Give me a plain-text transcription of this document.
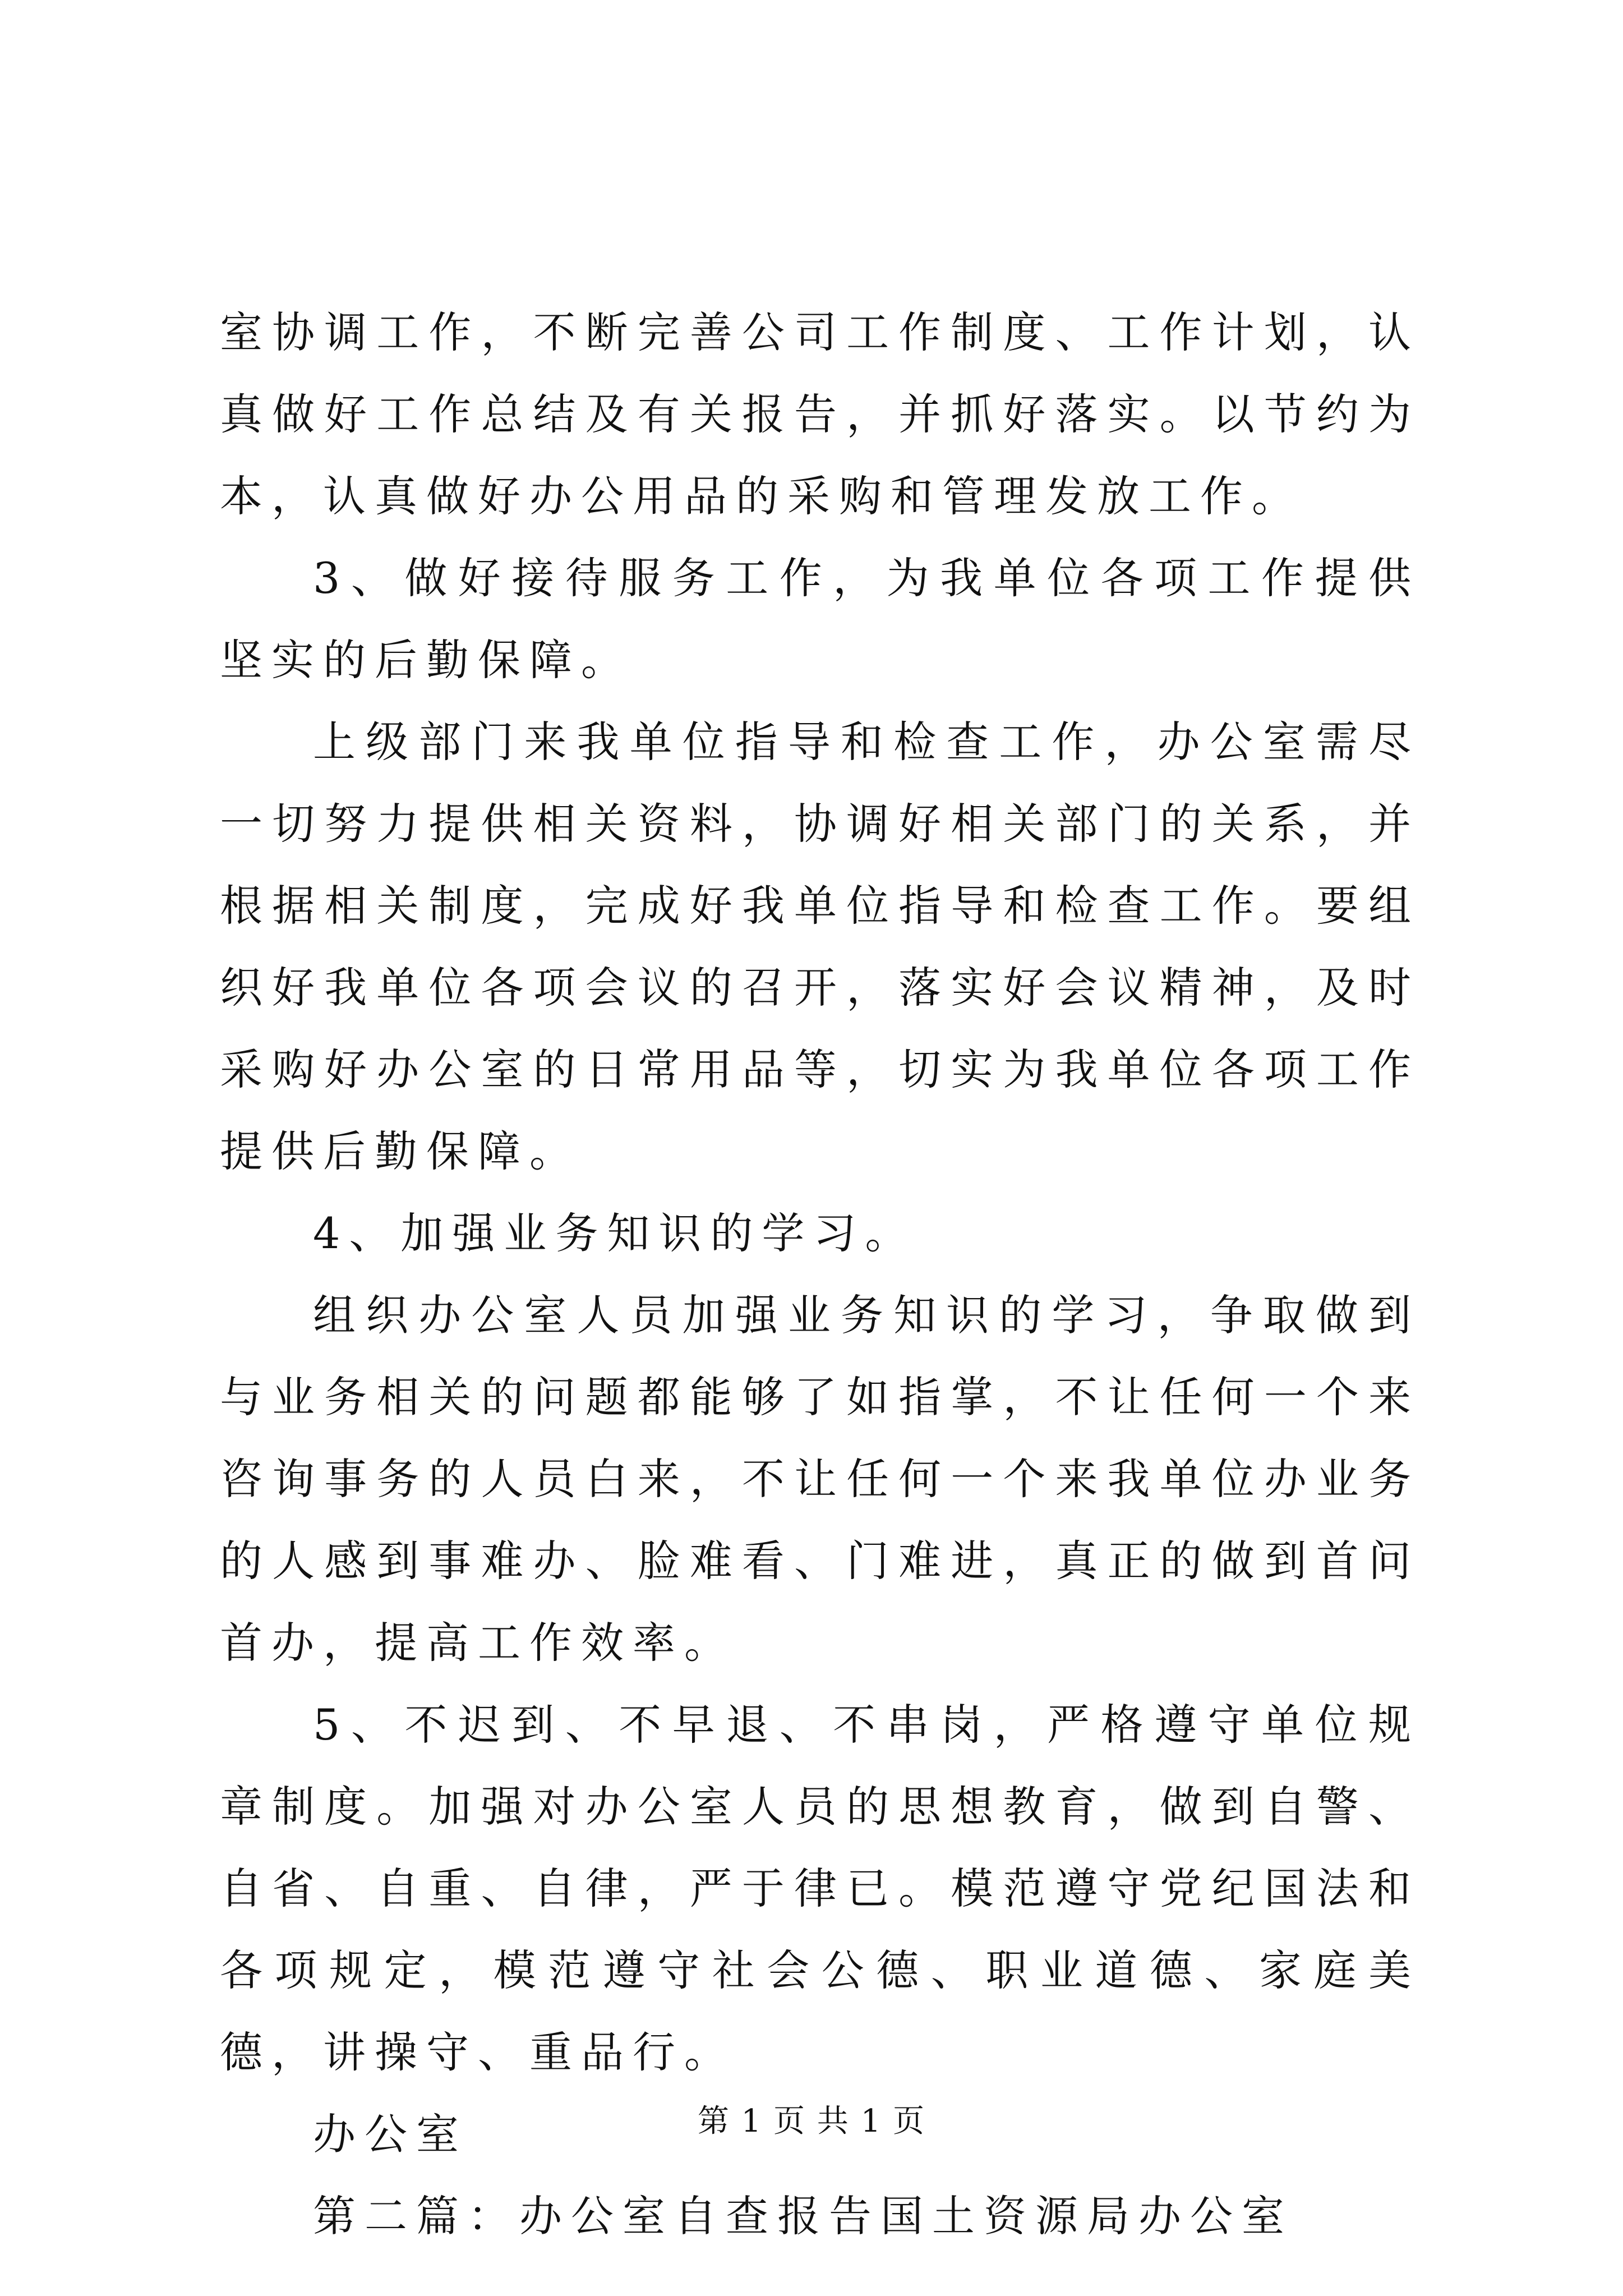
室协调工作，不断完善公司工作制度、工作计划，认真做好工作总结及有关报告，并抓好落实。以节约为本，认真做好办公用品的采购和管理发放工作。

3、做好接待服务工作，为我单位各项工作提供坚实的后勤保障。

上级部门来我单位指导和检查工作，办公室需尽一切努力提供相关资料，协调好相关部门的关系，并根据相关制度，完成好我单位指导和检查工作。要组织好我单位各项会议的召开，落实好会议精神，及时采购好办公室的日常用品等，切实为我单位各项工作提供后勤保障。

4、加强业务知识的学习。

组织办公室人员加强业务知识的学习，争取做到与业务相关的问题都能够了如指掌，不让任何一个来咨询事务的人员白来，不让任何一个来我单位办业务的人感到事难办、脸难看、门难进，真正的做到首问首办，提高工作效率。

5、不迟到、不早退、不串岗，严格遵守单位规章制度。加强对办公室人员的思想教育，做到自警、自省、自重、自律，严于律已。模范遵守党纪国法和各项规定，模范遵守社会公德、职业道德、家庭美德，讲操守、重品行。

办公室

第二篇：办公室自查报告国土资源局办公室

第 1 页 共 1 页
